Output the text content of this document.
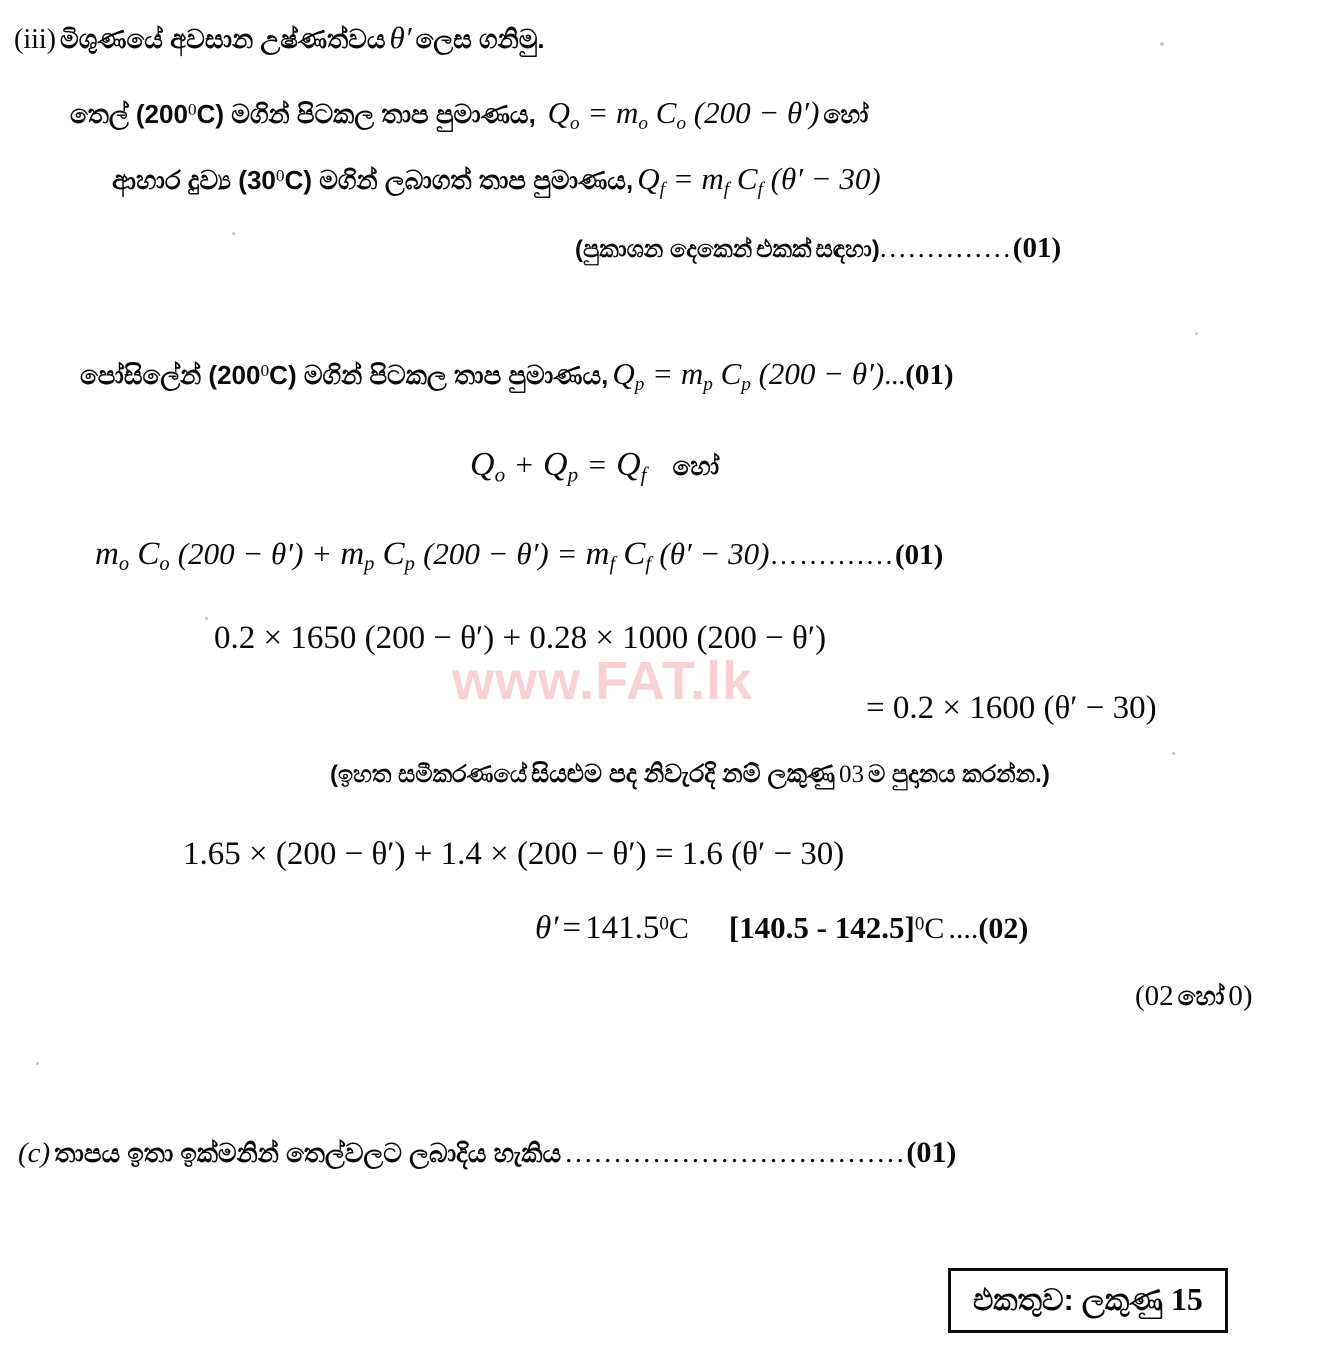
www.FAT.lk
(iii) මිශුණයේ අවසාන උෂ්ණත්වය θ′ ලෙස ගනිමු.
තෙල් $(200^0C)$ මගින් පිටකල තාප පුමාණය, $Q_o = m_o$ $C_o$ (200 − θ′) හෝ
ආහාර දුව්‍ය $(30^0C)$ මගින් ලබාගත් තාප පුමාණය, $Q_f = m_f$ $C_f$ (θ′ − 30)
(පුකාශන දෙකෙන් එකක් සඳහා)..............(01)
පෝසිලේන් $(200^0C)$ මගින් පිටකල තාප පුමාණය, $Q_p = m_p$ $C_p$ (200 − θ′)...(01)
$Q_o + Q_p = Q_f$ හෝ
$m_o$ $C_o$ $(200 - \theta') + m_p$ $C_p$ $(200 - \theta') = m_f$ $C_f$ (θ′ − 30)…..........(01)
0.2 × 1650 (200 − θ′) + 0.28 × 1000 (200 − θ′)
= 0.2 × 1600 (θ′ − 30)
(ඉහත සමීකරණයේ සියළුම පද නිවැරදි නම් ලකුණු 03 ම පුදානය කරන්න.)
1.65 × (200 − θ′) + 1.4 × (200 − θ′) = 1.6 (θ′ − 30)
$\theta' = 141.5^0C$ [140.5 - 142.5]$^0$C ....(02)
(02 හෝ 0)
(c) තාපය ඉතා ඉක්මනින් තෙල්වලට ලබාදිය හැකිය ...................................(01)
එකතුව: ලකුණු 15
